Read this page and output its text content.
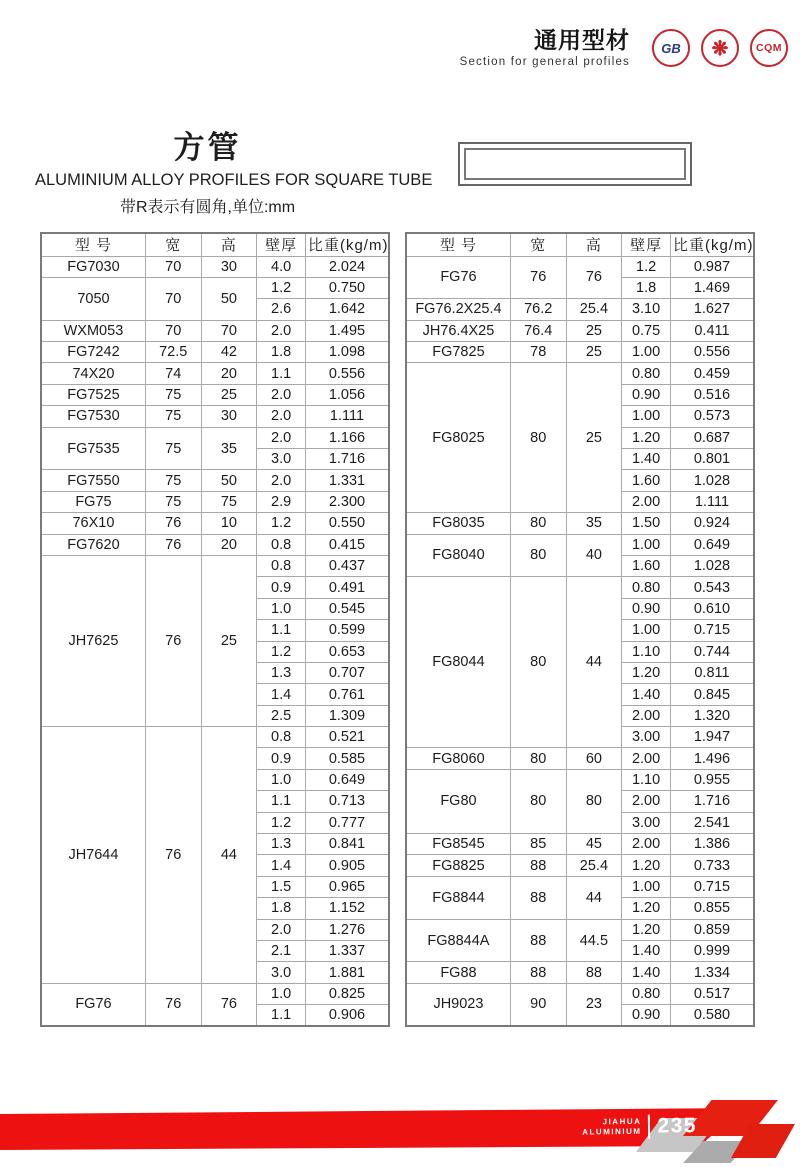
通用型材
Section for general profiles
GB ❋	CQM
方管
ALUMINIUM ALLOY PROFILES FOR SQUARE TUBE
带R表示有圆角,单位:mm
型 号	宽	高	壁厚	比重(kg/m)
FG7030	70	30	4.0	2.024
7050	70	50	1.2	0.750
			2.6	1.642
WXM053	70	70	2.0	1.495
FG7242	72.5	42	1.8	1.098
74X20	74	20	1.1	0.556
FG7525	75	25	2.0	1.056
FG7530	75	30	2.0	1.111
FG7535	75	35	2.0	1.166
			3.0	1.716
FG7550	75	50	2.0	1.331
FG75	75	75	2.9	2.300
76X10	76	10	1.2	0.550
FG7620	76	20	0.8	0.415
JH7625	76	25	0.8	0.437
			0.9	0.491
			1.0	0.545
			1.1	0.599
			1.2	0.653
			1.3	0.707
			1.4	0.761
			2.5	1.309
JH7644	76	44	0.8	0.521
			0.9	0.585
			1.0	0.649
			1.1	0.713
			1.2	0.777
			1.3	0.841
			1.4	0.905
			1.5	0.965
			1.8	1.152
			2.0	1.276
			2.1	1.337
			3.0	1.881
FG76	76	76	1.0	0.825
			1.1	0.906
型 号	宽	高	壁厚	比重(kg/m)
FG76	76	76	1.2	0.987
			1.8	1.469
FG76.2X25.4	76.2	25.4	3.10	1.627
JH76.4X25	76.4	25	0.75	0.411
FG7825	78	25	1.00	0.556
FG8025	80	25	0.80	0.459
			0.90	0.516
			1.00	0.573
			1.20	0.687
			1.40	0.801
			1.60	1.028
			2.00	1.111
FG8035	80	35	1.50	0.924
FG8040	80	40	1.00	0.649
			1.60	1.028
FG8044	80	44	0.80	0.543
			0.90	0.610
			1.00	0.715
			1.10	0.744
			1.20	0.811
			1.40	0.845
			2.00	1.320
			3.00	1.947
FG8060	80	60	2.00	1.496
FG80	80	80	1.10	0.955
			2.00	1.716
			3.00	2.541
FG8545	85	45	2.00	1.386
FG8825	88	25.4	1.20	0.733
FG8844	88	44	1.00	0.715
			1.20	0.855
FG8844A	88	44.5	1.20	0.859
			1.40	0.999
FG88	88	88	1.40	1.334
JH9023	90	23	0.80	0.517
			0.90	0.580
JIAHUA
ALUMINIUM 235
